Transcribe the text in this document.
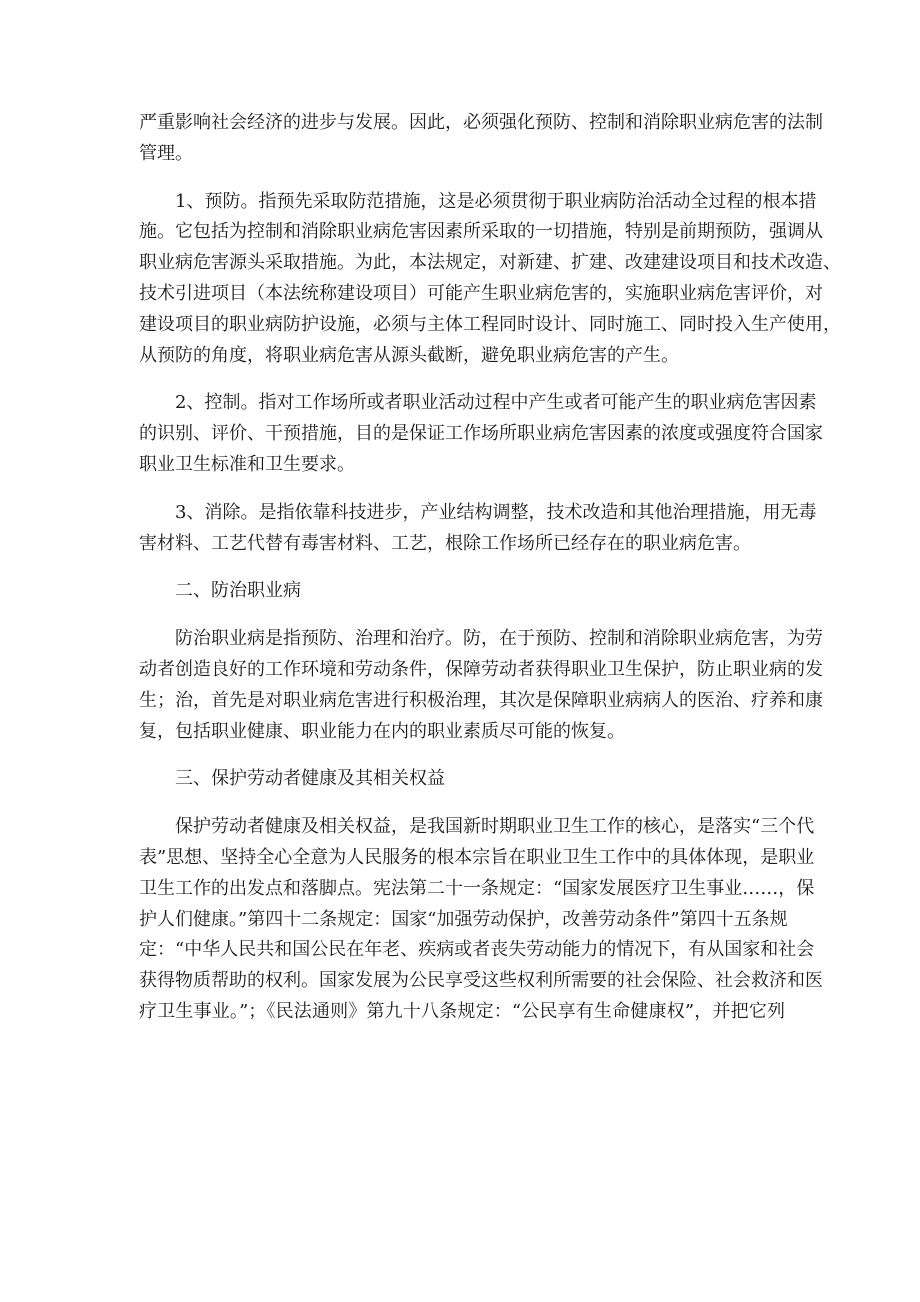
严重影响社会经济的进步与发展。因此，必须强化预防、控制和消除职业病危害的法制
管理。
1、预防。指预先采取防范措施，这是必须贯彻于职业病防治活动全过程的根本措
施。它包括为控制和消除职业病危害因素所采取的一切措施，特别是前期预防，强调从
职业病危害源头采取措施。为此，本法规定，对新建、扩建、改建建设项目和技术改造、
技术引进项目（本法统称建设项目）可能产生职业病危害的，实施职业病危害评价，对
建设项目的职业病防护设施，必须与主体工程同时设计、同时施工、同时投入生产使用，
从预防的角度，将职业病危害从源头截断，避免职业病危害的产生。
2、控制。指对工作场所或者职业活动过程中产生或者可能产生的职业病危害因素
的识别、评价、干预措施，目的是保证工作场所职业病危害因素的浓度或强度符合国家
职业卫生标准和卫生要求。
3、消除。是指依靠科技进步，产业结构调整，技术改造和其他治理措施，用无毒
害材料、工艺代替有毒害材料、工艺，根除工作场所已经存在的职业病危害。
二、防治职业病
防治职业病是指预防、治理和治疗。防，在于预防、控制和消除职业病危害，为劳
动者创造良好的工作环境和劳动条件，保障劳动者获得职业卫生保护，防止职业病的发
生；治，首先是对职业病危害进行积极治理，其次是保障职业病病人的医治、疗养和康
复，包括职业健康、职业能力在内的职业素质尽可能的恢复。
三、保护劳动者健康及其相关权益
保护劳动者健康及相关权益，是我国新时期职业卫生工作的核心，是落实“三个代
表”思想、坚持全心全意为人民服务的根本宗旨在职业卫生工作中的具体体现，是职业
卫生工作的出发点和落脚点。宪法第二十一条规定：“国家发展医疗卫生事业……，保
护人们健康。”第四十二条规定：国家“加强劳动保护，改善劳动条件”第四十五条规
定：“中华人民共和国公民在年老、疾病或者丧失劳动能力的情况下，有从国家和社会
获得物质帮助的权利。国家发展为公民享受这些权利所需要的社会保险、社会救济和医
疗卫生事业。”；《民法通则》第九十八条规定：“公民享有生命健康权”，并把它列
